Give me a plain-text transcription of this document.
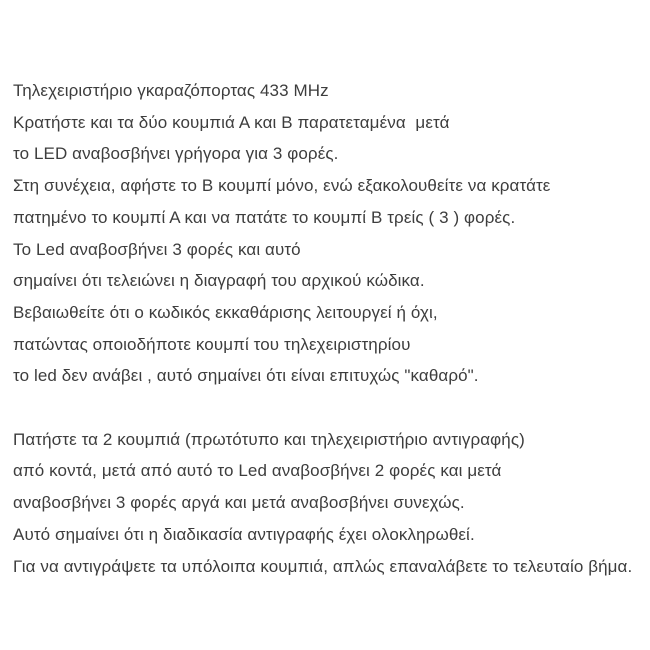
Τηλεχειριστήριο γκαραζόπορτας 433 MHz
Κρατήστε και τα δύο κουμπιά Α και Β παρατεταμένα  μετά
το LED αναβοσβήνει γρήγορα για 3 φορές.
Στη συνέχεια, αφήστε το Β κουμπί μόνο, ενώ εξακολουθείτε να κρατάτε
πατημένο το κουμπί Α και να πατάτε το κουμπί Β τρείς ( 3 ) φορές.
Το Led αναβοσβήνει 3 φορές και αυτό
σημαίνει ότι τελειώνει η διαγραφή του αρχικού κώδικα.
Βεβαιωθείτε ότι ο κωδικός εκκαθάρισης λειτουργεί ή όχι,
πατώντας οποιοδήποτε κουμπί του τηλεχειριστηρίου
το led δεν ανάβει , αυτό σημαίνει ότι είναι επιτυχώς "καθαρό".
Πατήστε τα 2 κουμπιά (πρωτότυπο και τηλεχειριστήριο αντιγραφής)
από κοντά, μετά από αυτό το Led αναβοσβήνει 2 φορές και μετά
αναβοσβήνει 3 φορές αργά και μετά αναβοσβήνει συνεχώς.
Αυτό σημαίνει ότι η διαδικασία αντιγραφής έχει ολοκληρωθεί.
Για να αντιγράψετε τα υπόλοιπα κουμπιά, απλώς επαναλάβετε το τελευταίο βήμα.
